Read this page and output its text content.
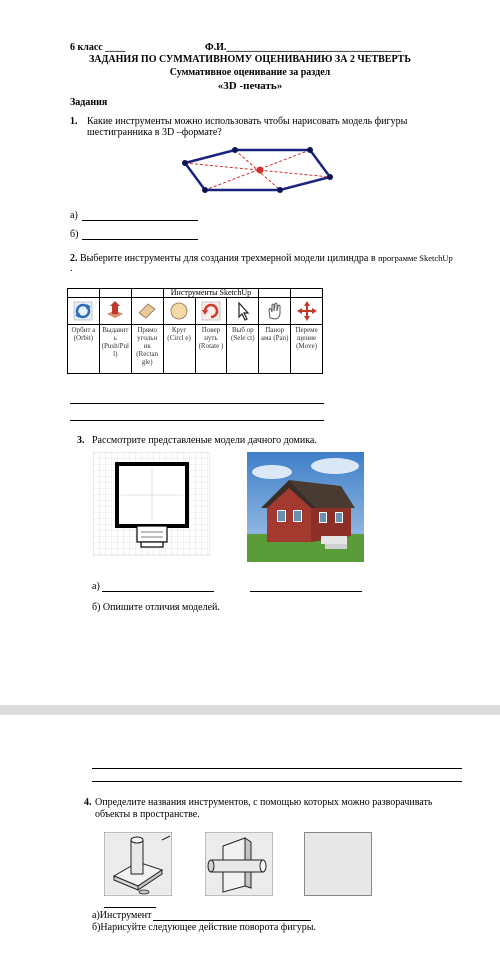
6 класс ____	Ф.И.___________________________________
ЗАДАНИЯ ПО СУММАТИВНОМУ ОЦЕНИВАНИЮ ЗА 2 ЧЕТВЕРТЬ
Суммативное оценивание за раздел
«3D -печать»
Задания
1. Какие инструменты можно использовать чтобы нарисовать модель фигуры
шестигранника в 3D –формате?
а)
б)
2. Выберите инструменты для создания трехмерной модели цилиндра в программе SketchUp
.
			Инструменты SketchUp				

Орбит а (Orbit)	Выдавит ь (Push/Pul l)	Прямо угольн ик (Rectan gle)	Круг (Circl e)	Повер нуть (Rotate )	Выб ор (Sele ct)	Панор ама (Pan)	Переме щение (Move)
3. Рассмотрите представленые модели дачного домика.
а)
б) Опишите отличия моделей.
4. Определите названия инструментов, с помощью которых можно разворачивать
объекты в пространстве.
а)Инструмент
б)Нарисуйте следующее действие поворота фигуры.
